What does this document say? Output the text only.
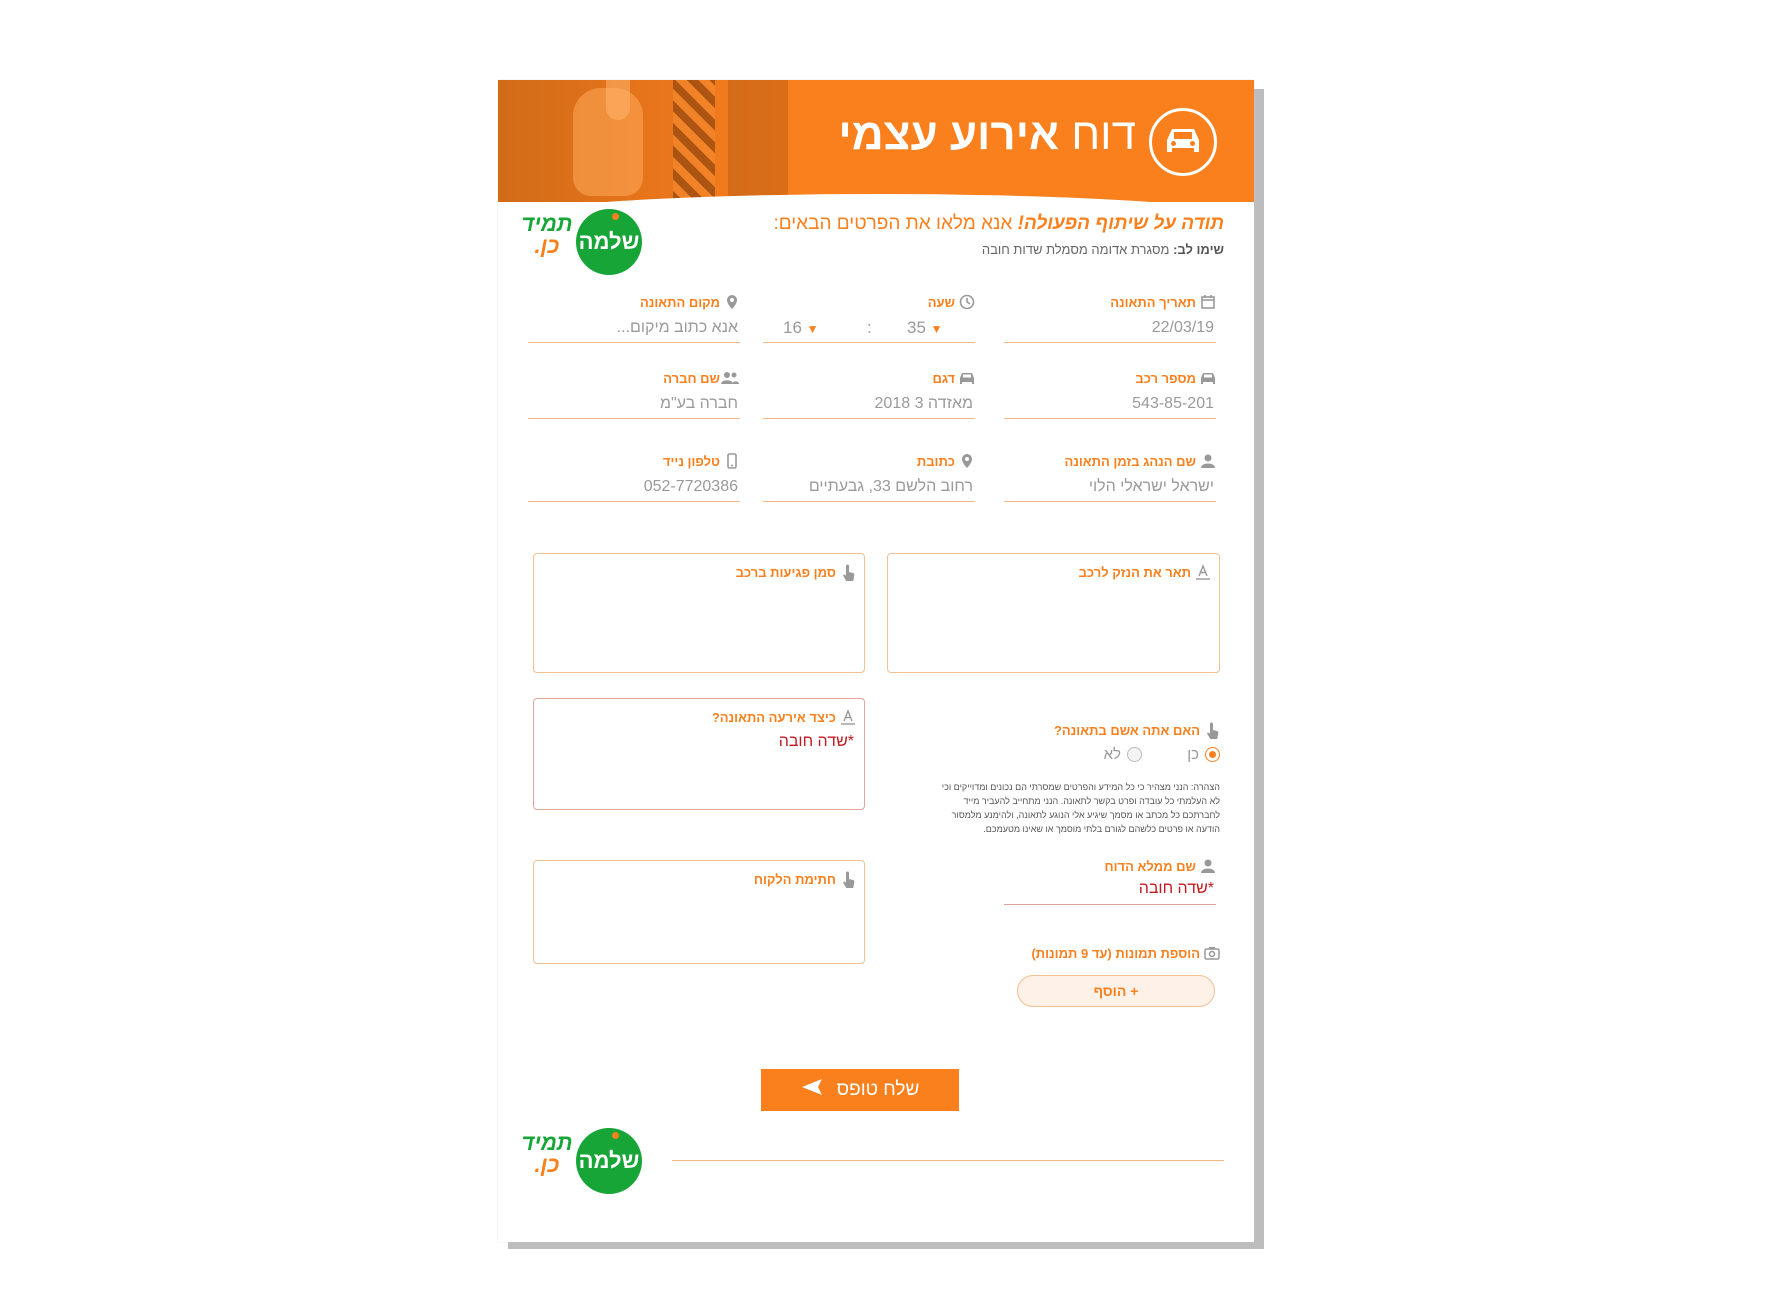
דוח אירוע עצמי
תמיד
כן. שלמה
תודה על שיתוף הפעולה! אנא מלאו את הפרטים הבאים:
שימו לב: מסגרת אדומה מסמלת שדות חובה
תאריך התאונה
22/03/19
שעה
▼ 16	:	▼ 35
מקום התאונה
אנא כתוב מיקום...
מספר רכב
543-85-201
דגם
מאזדה 3 2018
שם חברה
חברה בע"מ
שם הנהג בזמן התאונה
ישראל ישראלי הלוי
כתובת
רחוב הלשם 33, גבעתיים
טלפון נייד
052-7720386
תאר את הנזק לרכב
סמן פגיעות ברכב
האם אתה אשם בתאונה?
כן
לא
הצהרה: הנני מצהיר כי כל המידע והפרטים שמסרתי הם נכונים ומדוייקים וכי לא העלמתי כל עובדה ופרט בקשר לתאונה. הנני מתחייב להעביר מייד לחברתכם כל מכתב או מסמך שיגיע אלי הנוגע לתאונה, ולהימנע מלמסור הודעה או פרטים כלשהם לגורם בלתי מוסמך או שאינו מטעמכם.
כיצד אירעה התאונה?
*שדה חובה
שם ממלא הדוח
*שדה חובה
חתימת הלקוח
הוספת תמונות (עד 9 תמונות)
+ הוסף
שלח טופס
תמיד
כן. שלמה
